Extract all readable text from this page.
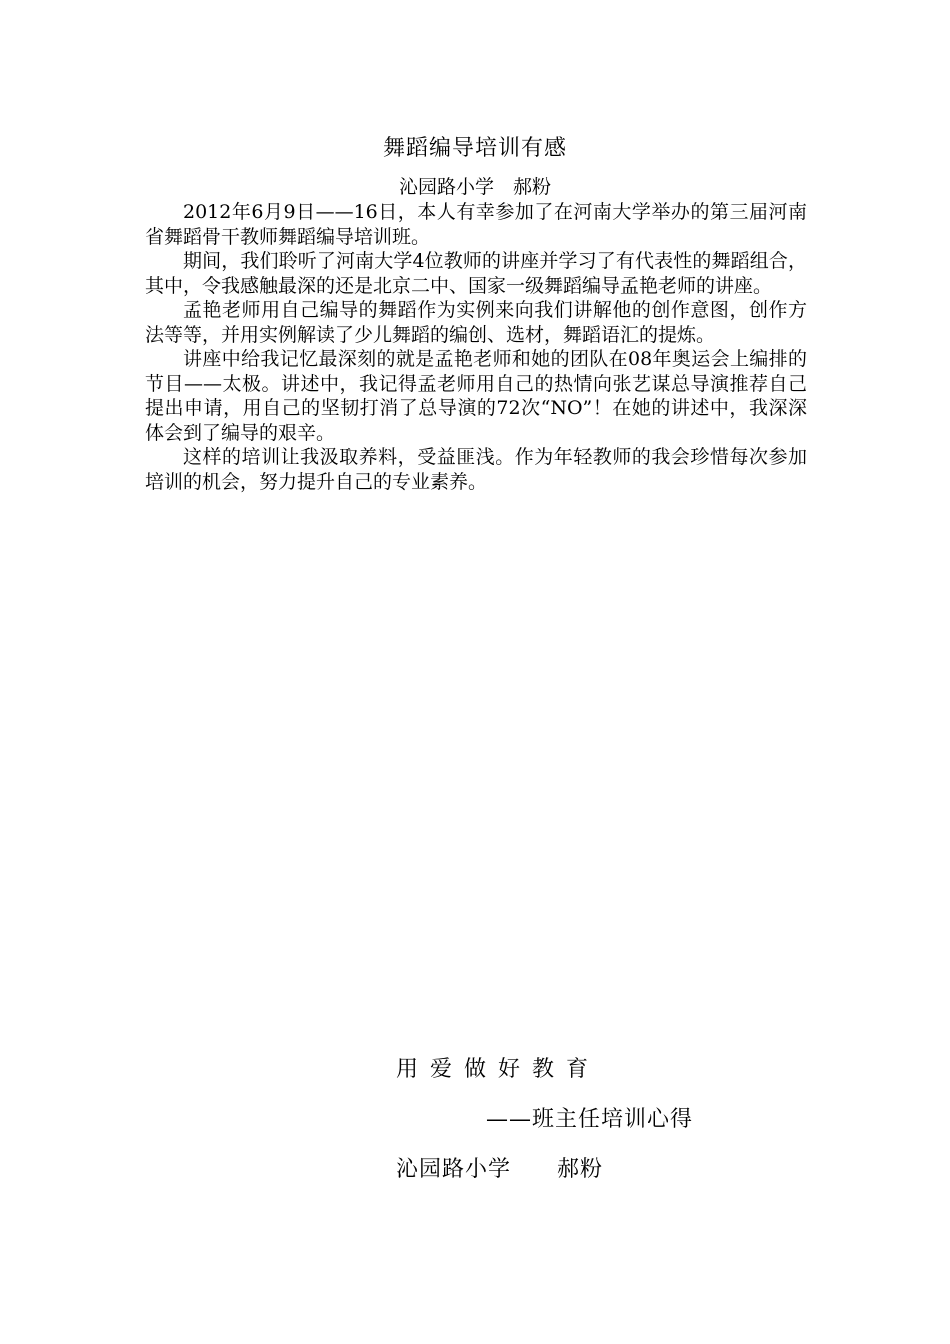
舞蹈编导培训有感
沁园路小学　郝粉

2012年6月9日——16日，本人有幸参加了在河南大学举办的第三届河南省舞蹈骨干教师舞蹈编导培训班。

期间，我们聆听了河南大学4位教师的讲座并学习了有代表性的舞蹈组合，其中，令我感触最深的还是北京二中、国家一级舞蹈编导孟艳老师的讲座。

孟艳老师用自己编导的舞蹈作为实例来向我们讲解他的创作意图，创作方法等等，并用实例解读了少儿舞蹈的编创、选材，舞蹈语汇的提炼。

讲座中给我记忆最深刻的就是孟艳老师和她的团队在08年奥运会上编排的节目——太极。讲述中，我记得孟老师用自己的热情向张艺谋总导演推荐自己提出申请，用自己的坚韧打消了总导演的72次“NO”！在她的讲述中，我深深体会到了编导的艰辛。

这样的培训让我汲取养料，受益匪浅。作为年轻教师的我会珍惜每次参加培训的机会，努力提升自己的专业素养。

用爱做好教育
——班主任培训心得
沁园路小学　　郝粉
